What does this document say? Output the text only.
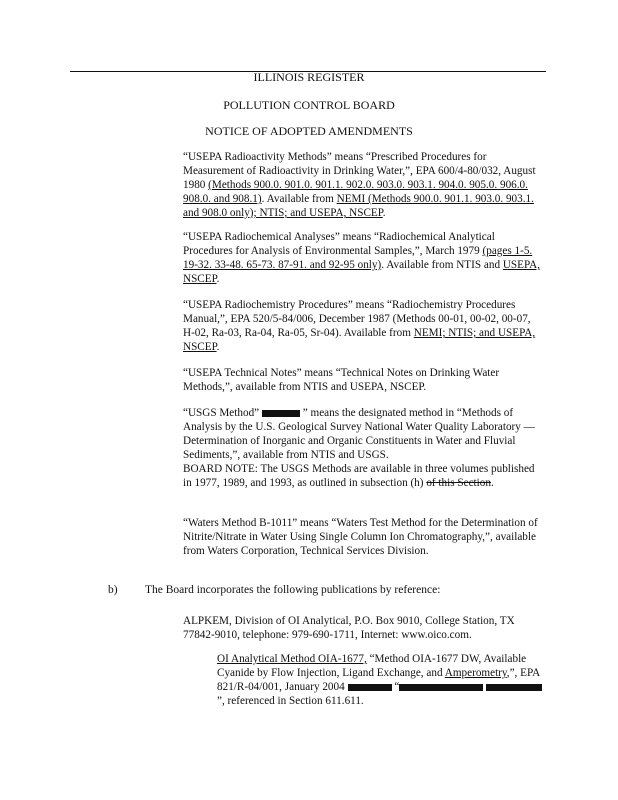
ILLINOIS REGISTER
POLLUTION CONTROL BOARD
NOTICE OF ADOPTED AMENDMENTS

“USEPA Radioactivity Methods” means “Prescribed Procedures for Measurement of Radioactivity in Drinking Water,”, EPA 600/4-80/032, August 1980 (Methods 900.0. 901.0. 901.1. 902.0. 903.0. 903.1. 904.0. 905.0. 906.0. 908.0. and 908.1). Available from NEMI (Methods 900.0. 901.1. 903.0. 903.1. and 908.0 only); NTIS; and USEPA, NSCEP.

“USEPA Radiochemical Analyses” means “Radiochemical Analytical Procedures for Analysis of Environmental Samples,”, March 1979 (pages 1-5. 19-32. 33-48. 65-73. 87-91. and 92-95 only). Available from NTIS and USEPA, NSCEP.

“USEPA Radiochemistry Procedures” means “Radiochemistry Procedures Manual,”, EPA 520/5-84/006, December 1987 (Methods 00-01, 00-02, 00-07, H-02, Ra-03, Ra-04, Ra-05, Sr-04). Available from NEMI; NTIS; and USEPA, NSCEP.

“USEPA Technical Notes” means “Technical Notes on Drinking Water Methods,”, available from NTIS and USEPA, NSCEP.

“USGS Method”	” means the designated method in “Methods of Analysis by the U.S. Geological Survey National Water Quality Laboratory — Determination of Inorganic and Organic Constituents in Water and Fluvial Sediments,”, available from NTIS and USGS.

BOARD NOTE: The USGS Methods are available in three volumes published in 1977, 1989, and 1993, as outlined in subsection (h) of this Section.

“Waters Method B-1011” means “Waters Test Method for the Determination of Nitrite/Nitrate in Water Using Single Column Ion Chromatography,”, available from Waters Corporation, Technical Services Division.

b) The Board incorporates the following publications by reference:

ALPKEM, Division of OI Analytical, P.O. Box 9010, College Station, TX 77842-9010, telephone: 979-690-1711, Internet: www.oico.com.

OI Analytical Method OIA-1677, “Method OIA-1677 DW, Available Cyanide by Flow Injection, Ligand Exchange, and Amperometry,”, EPA 821/R-04/001, January 2004	“  ”, referenced in Section 611.611.
